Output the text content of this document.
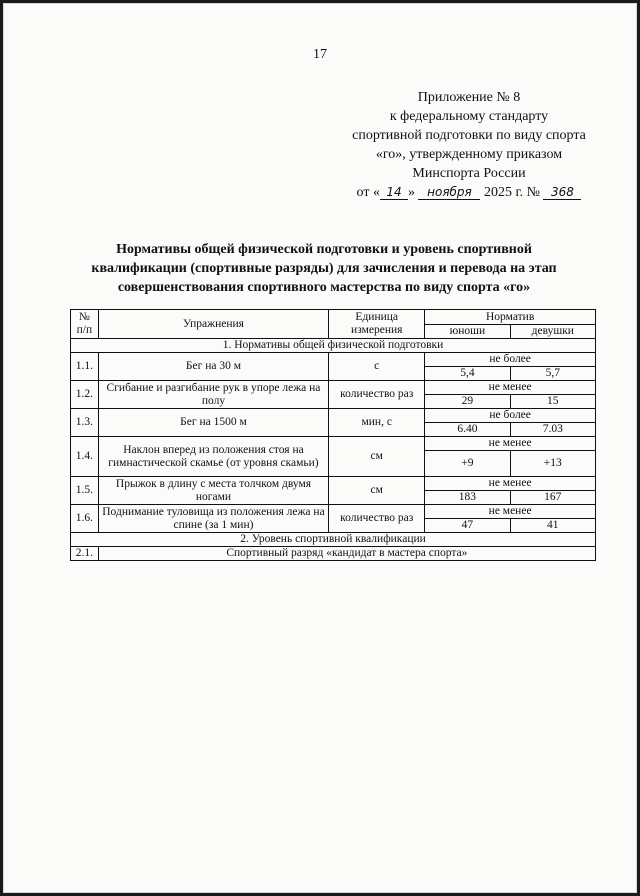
17
Приложение № 8
к федеральному стандарту
спортивной подготовки по виду спорта
«го», утвержденному приказом
Минспорта России
от « 14 » ноября 2025 г. № 368
Нормативы общей физической подготовки и уровень спортивной
квалификации (спортивные разряды) для зачисления и перевода на этап
совершенствования спортивного мастерства по виду спорта «го»
№ п/п	Упражнения	Единица измерения	Норматив	
			юноши	девушки
1. Нормативы общей физической подготовки				
1.1.	Бег на 30 м	с	не более	
			5,4	5,7
1.2.	Сгибание и разгибание рук в упоре лежа на полу	количество раз	не менее	
			29	15
1.3.	Бег на 1500 м	мин, с	не более	
			6.40	7.03
1.4.	Наклон вперед из положения стоя на гимнастической скамье (от уровня скамьи)	см	не менее	
			+9	+13
1.5.	Прыжок в длину с места толчком двумя ногами	см	не менее	
			183	167
1.6.	Поднимание туловища из положения лежа на спине (за 1 мин)	количество раз	не менее	
			47	41
2. Уровень спортивной квалификации				
2.1.	Спортивный разряд «кандидат в мастера спорта»			
